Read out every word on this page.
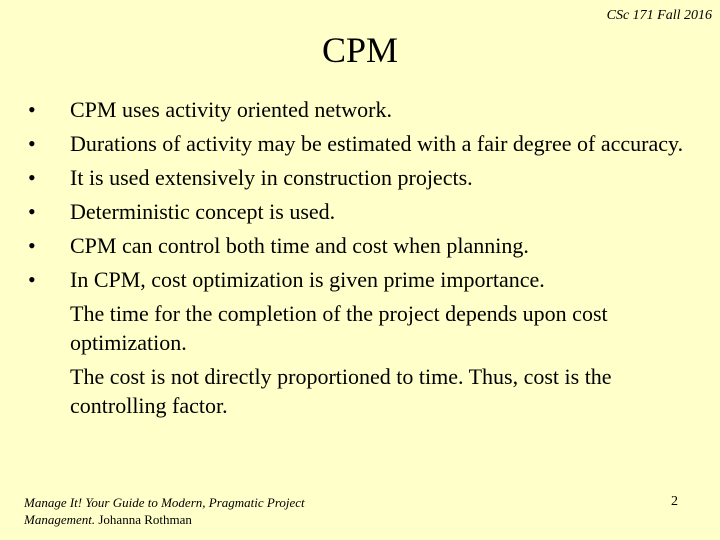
CSc 171 Fall 2016
CPM
•	CPM uses activity oriented network.
•	Durations of activity may be estimated with a fair degree of accuracy.
•	It is used extensively in construction projects.
•	Deterministic concept is used.
•	CPM can control both time and cost when planning.
•	In CPM, cost optimization is given prime importance.
The time for the completion of the project depends upon cost optimization.
The cost is not directly proportioned to time. Thus, cost is the controlling factor.
Manage It! Your Guide to Modern, Pragmatic Project Management. Johanna Rothman
2
